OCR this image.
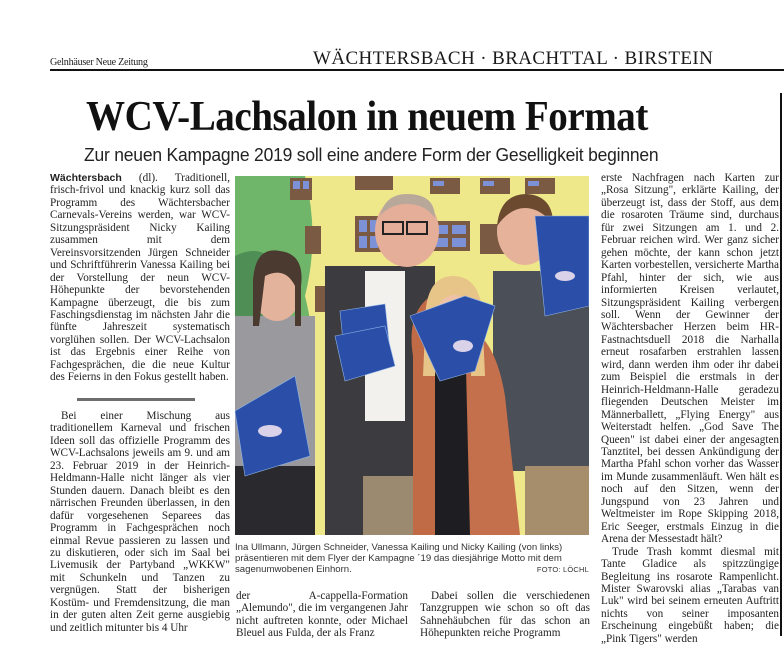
Gelnhäuser Neue Zeitung	WÄCHTERSBACH · BRACHTTAL · BIRSTEIN
WCV-Lachsalon in neuem Format
Zur neuen Kampagne 2019 soll eine andere Form der Geselligkeit beginnen

Wächtersbach (dl). Traditionell, frisch-frivol und knackig kurz soll das Programm des Wächtersbacher Carnevals-Vereins werden, war WCV-Sitzungspräsident Nicky Kailing zusammen mit dem Vereinsvorsitzenden Jürgen Schneider und Schriftführerin Vanessa Kailing bei der Vorstellung der neun WCV-Höhepunkte der bevorstehenden Kampagne überzeugt, die bis zum Faschingsdienstag im nächsten Jahr die fünfte Jahreszeit systematisch vorglühen sollen. Der WCV-Lachsalon ist das Ergebnis einer Reihe von Fachgesprächen, die die neue Kultur des Feierns in den Fokus gestellt haben.

Bei einer Mischung aus traditionellem Karneval und frischen Ideen soll das offizielle Programm des WCV-Lachsalons jeweils am 9. und am 23. Februar 2019 in der Heinrich-Heldmann-Halle nicht länger als vier Stunden dauern. Danach bleibt es den närrischen Freunden überlassen, in den dafür vorgesehenen Separees das Programm in Fachgesprächen noch einmal Revue passieren zu lassen und zu diskutieren, oder sich im Saal bei Livemusik der Partyband „WKKW" mit Schunkeln und Tanzen zu vergnügen. Statt der bisherigen Kostüm- und Fremdensitzung, die man in der guten alten Zeit gerne ausgiebig und zeitlich mitunter bis 4 Uhr

Ina Ullmann, Jürgen Schneider, Vanessa Kailing und Nicky Kailing (von links) präsentieren mit dem Flyer der Kampagne ´19 das diesjährige Motto mit dem sagenumwobenen Einhorn.	FOTO: LÖCHL

der A-cappella-Formation „Alemundo", die im vergangenen Jahr nicht auftreten konnte, oder Michael Bleuel aus Fulda, der als Franz

Dabei sollen die verschiedenen Tanzgruppen wie schon so oft das Sahnehäubchen für das schon an Höhepunkten reiche Programm

erste Nachfragen nach Karten zur „Rosa Sitzung", erklärte Kailing, der überzeugt ist, dass der Stoff, aus dem die rosaroten Träume sind, durchaus für zwei Sitzungen am 1. und 2. Februar reichen wird. Wer ganz sicher gehen möchte, der kann schon jetzt Karten vorbestellen, versicherte Martha Pfahl, hinter der sich, wie aus informierten Kreisen verlautet, Sitzungspräsident Kailing verbergen soll. Wenn der Gewinner der Wächtersbacher Herzen beim HR-Fastnachtsduell 2018 die Narhalla erneut rosafarben erstrahlen lassen wird, dann werden ihm oder ihr dabei zum Beispiel die erstmals in der Heinrich-Heldmann-Halle geradezu fliegenden Deutschen Meister im Männerballett, „Flying Energy" aus Weiterstadt helfen. „God Save The Queen" ist dabei einer der angesagten Tanztitel, bei dessen Ankündigung der Martha Pfahl schon vorher das Wasser im Munde zusammenläuft. Wen hält es noch auf den Sitzen, wenn der Jungspund von 23 Jahren und Weltmeister im Rope Skipping 2018, Eric Seeger, erstmals Einzug in die Arena der Messestadt hält?

Trude Trash kommt diesmal mit Tante Gladice als spitzzüngige Begleitung ins rosarote Rampenlicht. Mister Swarovski alias „Tarabas van Luk" wird bei seinem erneuten Auftritt nichts von seiner imposanten Erscheinung eingebüßt haben; die „Pink Tigers" werden
